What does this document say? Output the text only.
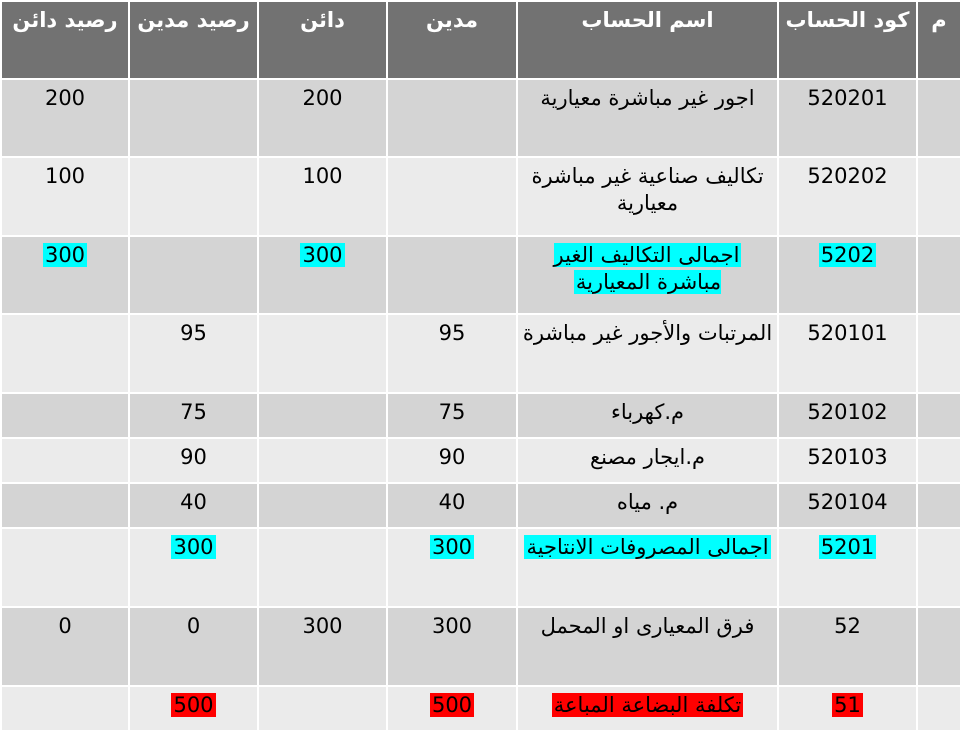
م	كود الحساب	اسم الحساب	مدين	دائن	رصيد مدين	رصيد دائن
	520201	اجور غير مباشرة معيارية		200		200
	520202	تكاليف صناعية غير مباشرة معيارية		100		100
	5202	اجمالى التكاليف الغير مباشرة المعيارية		300		300
	520101	المرتبات والأجور غير مباشرة	95		95	
	520102	م.كهرباء	75		75	
	520103	م.ايجار مصنع	90		90	
	520104	م. مياه	40		40	
	5201	اجمالى المصروفات الانتاجية	300		300	
	52	فرق المعيارى او المحمل	300	300	0	0
	51	تكلفة البضاعة المباعة	500		500	
